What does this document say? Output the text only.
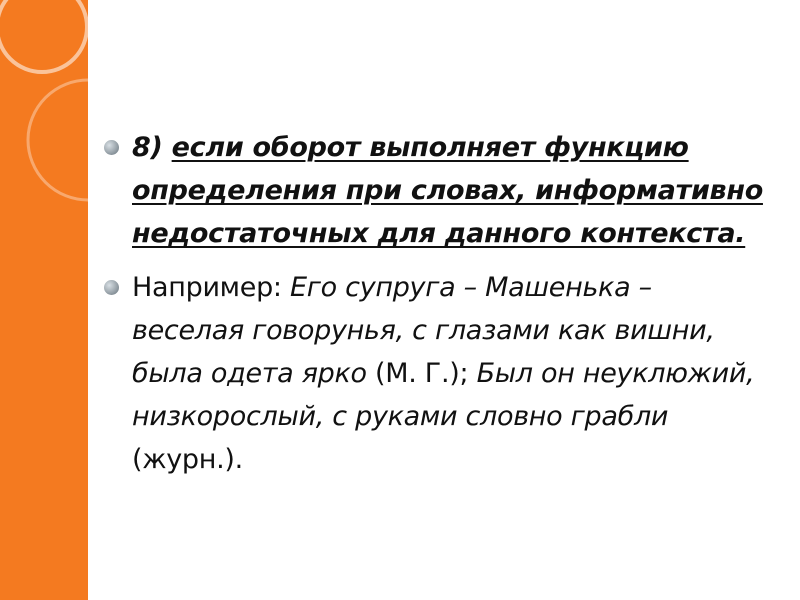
8) если оборот выполняет функцию определения при словах, информативно недостаточных для данного контекста.
Например: Его супруга – Машенька – веселая говорунья, с глазами как вишни, была одета ярко (М. Г.); Был он неуклюжий, низкорослый, с руками словно грабли (журн.).
